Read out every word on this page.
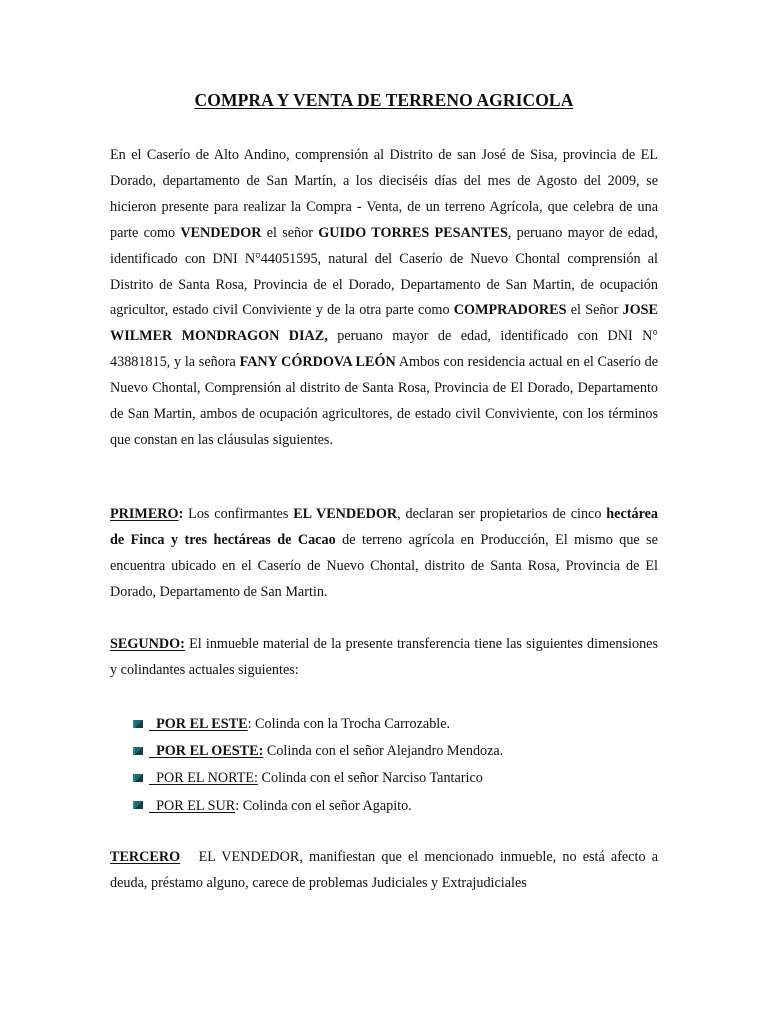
COMPRA Y VENTA DE TERRENO AGRICOLA

En el Caserío de Alto Andino, comprensión al Distrito de san José de Sisa, provincia de EL Dorado, departamento de San Martín, a los dieciséis días del mes de Agosto del 2009, se hicieron presente para realizar la Compra - Venta, de un terreno Agrícola, que celebra de una parte como VENDEDOR el señor GUIDO TORRES PESANTES, peruano mayor de edad, identificado con DNI N°44051595, natural del Caserío de Nuevo Chontal comprensión al Distrito de Santa Rosa, Provincia de el Dorado, Departamento de San Martin, de ocupación agricultor, estado civil Conviviente y de la otra parte como COMPRADORES el Señor JOSE WILMER MONDRAGON DIAZ, peruano mayor de edad, identificado con DNI N° 43881815, y la señora FANY CÓRDOVA LEÓN Ambos con residencia actual en el Caserío de Nuevo Chontal, Comprensión al distrito de Santa Rosa, Provincia de El Dorado, Departamento de San Martin, ambos de ocupación agricultores, de estado civil Conviviente, con los términos que constan en las cláusulas siguientes.

PRIMERO: Los confirmantes EL VENDEDOR, declaran ser propietarios de cinco hectárea de Finca y tres hectáreas de Cacao de terreno agrícola en Producción, El mismo que se encuentra ubicado en el Caserío de Nuevo Chontal, distrito de Santa Rosa, Provincia de El Dorado, Departamento de San Martin.

SEGUNDO: El inmueble material de la presente transferencia tiene las siguientes dimensiones y colindantes actuales siguientes:

POR EL ESTE: Colinda con la Trocha Carrozable.
POR EL OESTE: Colinda con el señor Alejandro Mendoza.
POR EL NORTE: Colinda con el señor Narciso Tantarico
POR EL SUR: Colinda con el señor Agapito.

TERCERO   EL VENDEDOR, manifiestan que el mencionado inmueble, no está afecto a deuda, préstamo alguno, carece de problemas Judiciales y Extrajudiciales
